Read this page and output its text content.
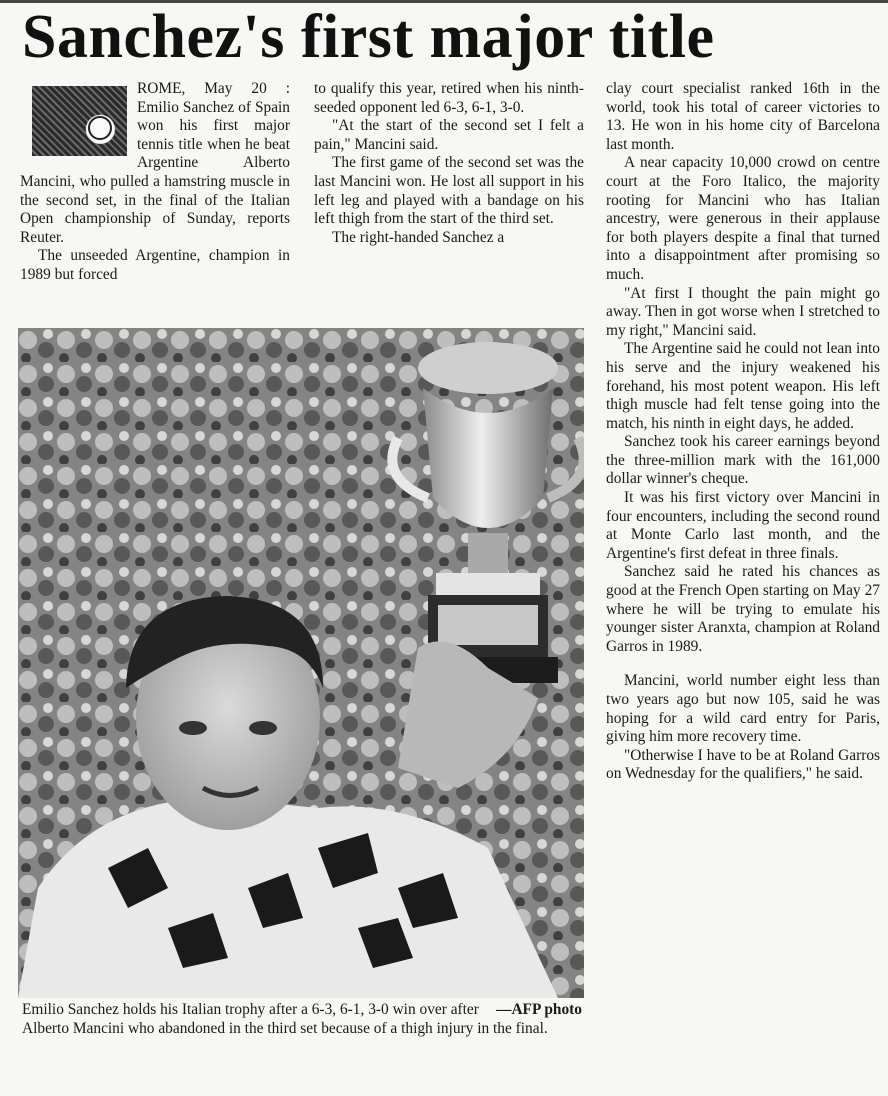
Sanchez's first major title

ROME, May 20 : Emilio Sanchez of Spain won his first major tennis title when he beat Argentine Alberto Mancini, who pulled a hamstring muscle in the second set, in the final of the Italian Open championship of Sunday, reports Reuter.

The unseeded Argentine, champion in 1989 but forced

to qualify this year, retired when his ninth-seeded opponent led 6-3, 6-1, 3-0.

"At the start of the second set I felt a pain," Mancini said.

The first game of the second set was the last Mancini won. He lost all support in his left leg and played with a bandage on his left thigh from the start of the third set.

The right-handed Sanchez a

clay court specialist ranked 16th in the world, took his total of career victories to 13. He won in his home city of Barcelona last month.

A near capacity 10,000 crowd on centre court at the Foro Italico, the majority rooting for Mancini who has Italian ancestry, were generous in their applause for both players despite a final that turned into a disappointment after promising so much.

"At first I thought the pain might go away. Then in got worse when I stretched to my right," Mancini said.

The Argentine said he could not lean into his serve and the injury weakened his forehand, his most potent weapon. His left thigh muscle had felt tense going into the match, his ninth in eight days, he added.

Sanchez took his career earnings beyond the three-million mark with the 161,000 dollar winner's cheque.

It was his first victory over Mancini in four encounters, including the second round at Monte Carlo last month, and the Argentine's first defeat in three finals.

Sanchez said he rated his chances as good at the French Open starting on May 27 where he will be trying to emulate his younger sister Aranxta, champion at Roland Garros in 1989.

Mancini, world number eight less than two years ago but now 105, said he was hoping for a wild card entry for Paris, giving him more recovery time.

"Otherwise I have to be at Roland Garros on Wednesday for the qualifiers," he said.

—AFP photo
Emilio Sanchez holds his Italian trophy after a 6-3, 6-1, 3-0 win over after Alberto Mancini who abandoned in the third set because of a thigh injury in the final.
